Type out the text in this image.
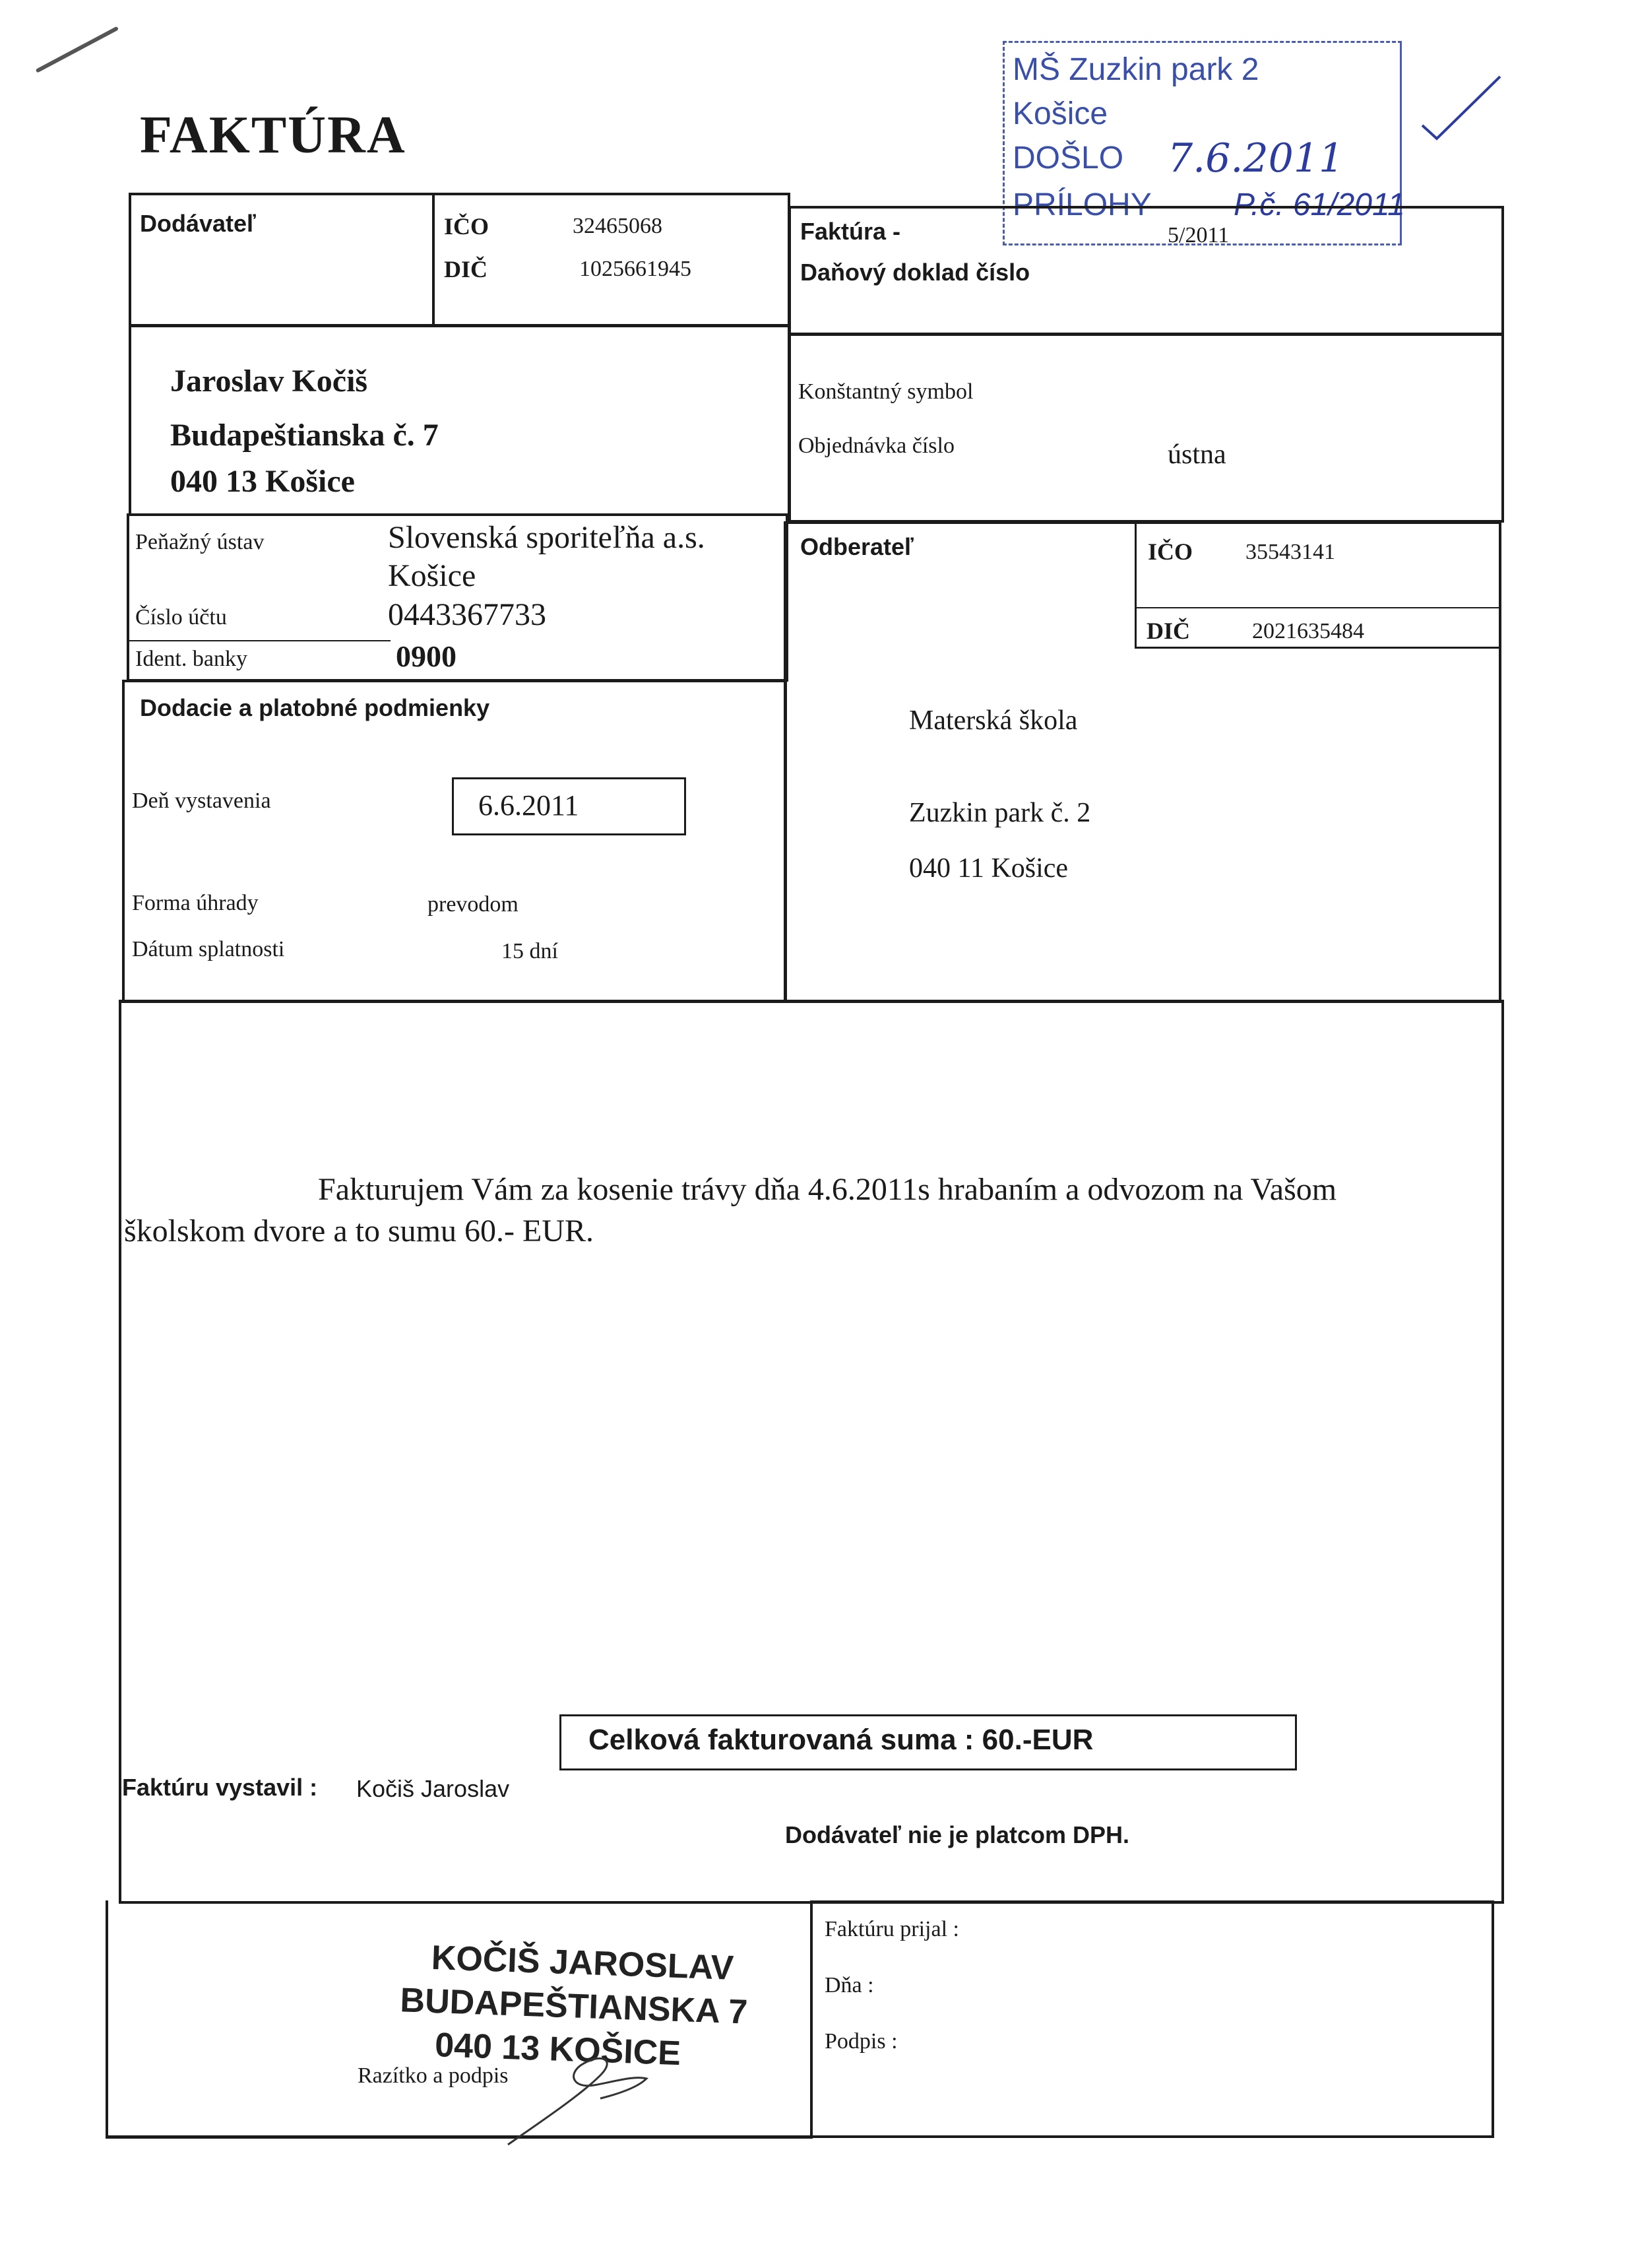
FAKTÚRA
MŠ Zuzkin park 2
Košice
DOŠLO 7.6.2011
PRÍLOHY	P.č. 61/2011
Dodávateľ	IČO	32465068
DIČ	1025661945
Faktúra -
Daňový doklad číslo
5/2011
Jaroslav Kočiš
Budapeštianska č. 7
040 13 Košice
Konštantný symbol
Objednávka číslo	ústna
Peňažný ústav	Slovenská sporiteľňa a.s.
Košice
Číslo účtu	0443367733
Ident. banky	0900
Odberateľ	IČO 35543141
DIČ	2021635484
Materská škola
Zuzkin park č. 2
040 11 Košice
Dodacie a platobné podmienky
Deň vystavenia	6.6.2011
Forma úhrady	prevodom
Dátum splatnosti	15 dní
Fakturujem Vám za kosenie trávy dňa 4.6.2011s hrabaním a odvozom na Vašom
školskom dvore a to sumu 60.- EUR.
Celková fakturovaná suma : 60.-EUR
Faktúru vystavil : Kočiš Jaroslav
Dodávateľ nie je platcom DPH.
KOČIŠ JAROSLAV
BUDAPEŠTIANSKA 7
040 13 KOŠICE
Razítko a podpis
Faktúru prijal :
Dňa :
Podpis :
